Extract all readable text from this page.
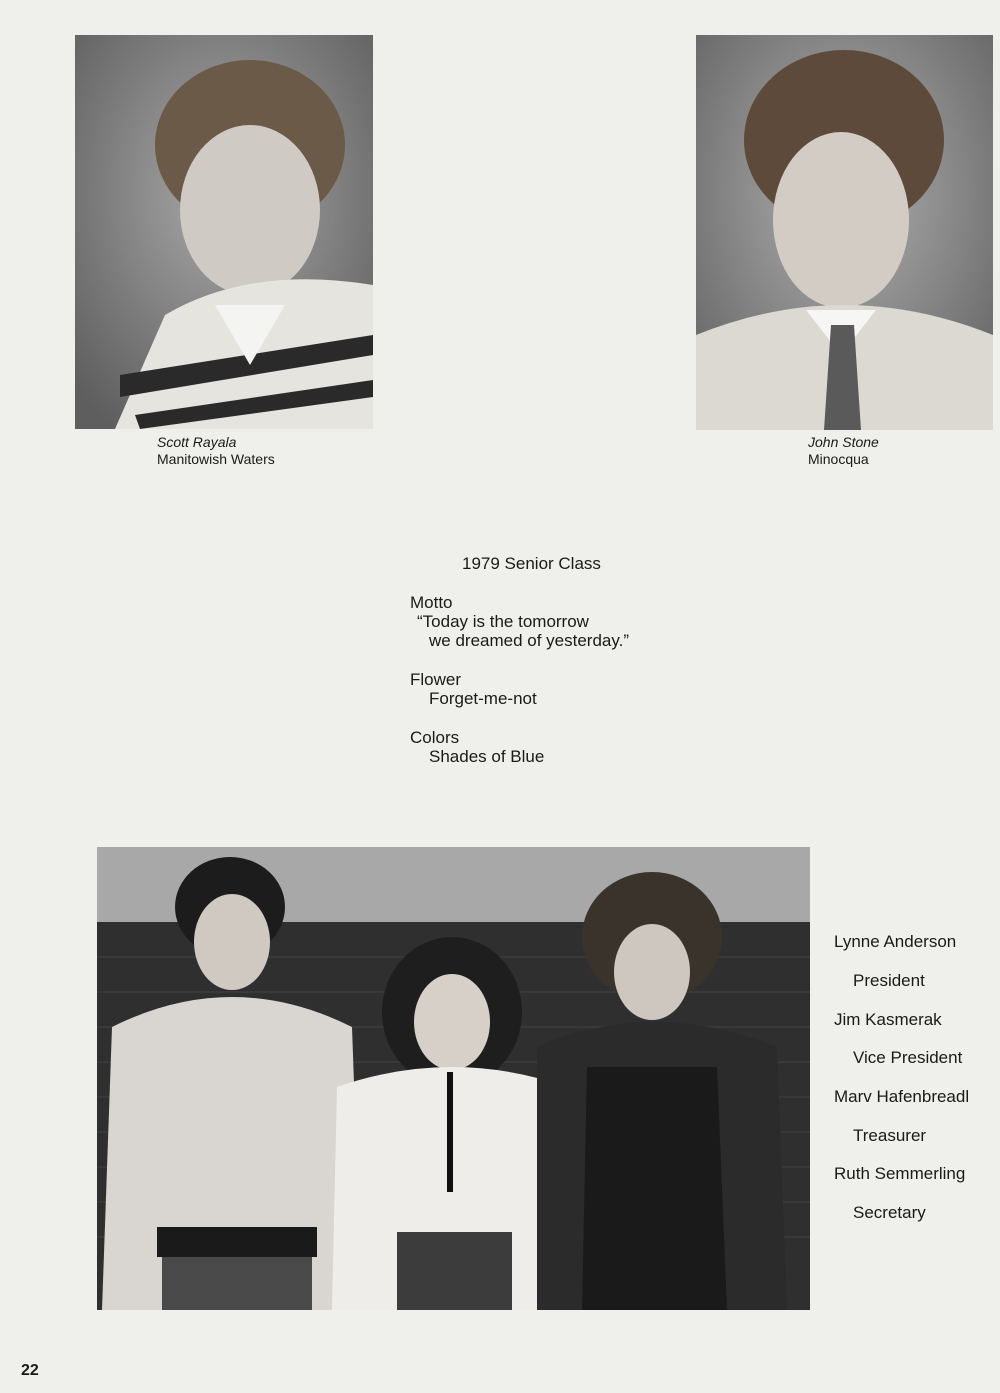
Scott Rayala
Manitowish Waters
John Stone
Minocqua
1979 Senior Class
Motto
“Today is the tomorrow
we dreamed of yesterday.”
Flower
Forget-me-not
Colors
Shades of Blue
Lynne Anderson
President
Jim Kasmerak
Vice President
Marv Hafenbreadl
Treasurer
Ruth Semmerling
Secretary
22
